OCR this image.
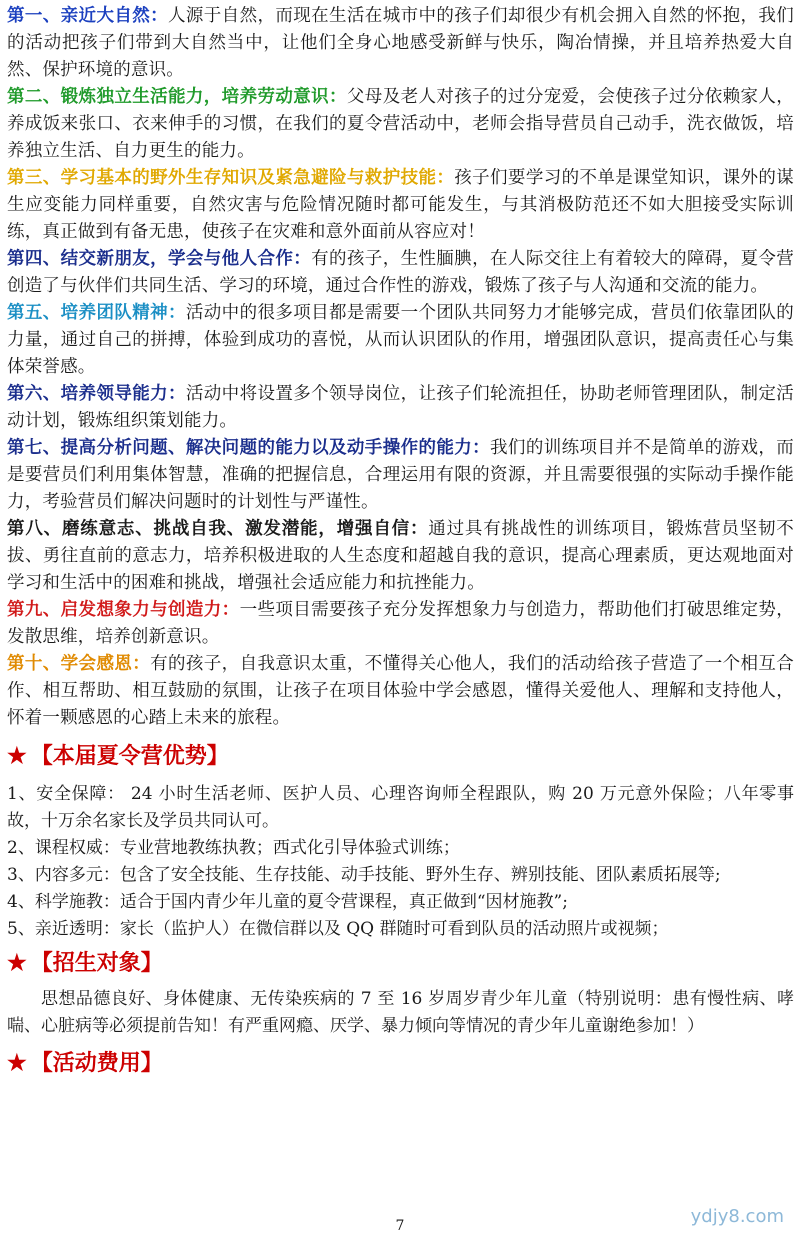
第一、亲近大自然：人源于自然，而现在生活在城市中的孩子们却很少有机会拥入自然的怀抱，我们的活动把孩子们带到大自然当中，让他们全身心地感受新鲜与快乐，陶冶情操，并且培养热爱大自然、保护环境的意识。

第二、锻炼独立生活能力，培养劳动意识：父母及老人对孩子的过分宠爱，会使孩子过分依赖家人，养成饭来张口、衣来伸手的习惯，在我们的夏令营活动中，老师会指导营员自己动手，洗衣做饭，培养独立生活、自力更生的能力。

第三、学习基本的野外生存知识及紧急避险与救护技能：孩子们要学习的不单是课堂知识，课外的谋生应变能力同样重要，自然灾害与危险情况随时都可能发生，与其消极防范还不如大胆接受实际训练，真正做到有备无患，使孩子在灾难和意外面前从容应对！

第四、结交新朋友，学会与他人合作：有的孩子，生性腼腆，在人际交往上有着较大的障碍，夏令营创造了与伙伴们共同生活、学习的环境，通过合作性的游戏，锻炼了孩子与人沟通和交流的能力。

第五、培养团队精神：活动中的很多项目都是需要一个团队共同努力才能够完成，营员们依靠团队的力量，通过自己的拼搏，体验到成功的喜悦，从而认识团队的作用，增强团队意识，提高责任心与集体荣誉感。

第六、培养领导能力：活动中将设置多个领导岗位，让孩子们轮流担任，协助老师管理团队，制定活动计划，锻炼组织策划能力。

第七、提高分析问题、解决问题的能力以及动手操作的能力：我们的训练项目并不是简单的游戏，而是要营员们利用集体智慧，准确的把握信息，合理运用有限的资源，并且需要很强的实际动手操作能力，考验营员们解决问题时的计划性与严谨性。

第八、磨练意志、挑战自我、激发潜能，增强自信：通过具有挑战性的训练项目，锻炼营员坚韧不拔、勇往直前的意志力，培养积极进取的人生态度和超越自我的意识，提高心理素质，更达观地面对学习和生活中的困难和挑战，增强社会适应能力和抗挫能力。

第九、启发想象力与创造力：一些项目需要孩子充分发挥想象力与创造力，帮助他们打破思维定势，发散思维，培养创新意识。

第十、学会感恩：有的孩子，自我意识太重，不懂得关心他人，我们的活动给孩子营造了一个相互合作、相互帮助、相互鼓励的氛围，让孩子在项目体验中学会感恩，懂得关爱他人、理解和支持他人，怀着一颗感恩的心踏上未来的旅程。

★ 【本届夏令营优势】

1、安全保障： 24 小时生活老师、医护人员、心理咨询师全程跟队，购 20 万元意外保险；八年零事故，十万余名家长及学员共同认可。

2、课程权威：专业营地教练执教；西式化引导体验式训练；

3、内容多元：包含了安全技能、生存技能、动手技能、野外生存、辨别技能、团队素质拓展等;

4、科学施教：适合于国内青少年儿童的夏令营课程，真正做到“因材施教”;

5、亲近透明：家长（监护人）在微信群以及 QQ 群随时可看到队员的活动照片或视频；

★ 【招生对象】

思想品德良好、身体健康、无传染疾病的 7 至 16 岁周岁青少年儿童（特别说明：患有慢性病、哮喘、心脏病等必须提前告知！有严重网瘾、厌学、暴力倾向等情况的青少年儿童谢绝参加！）

★ 【活动费用】
7	ydjy8.com
